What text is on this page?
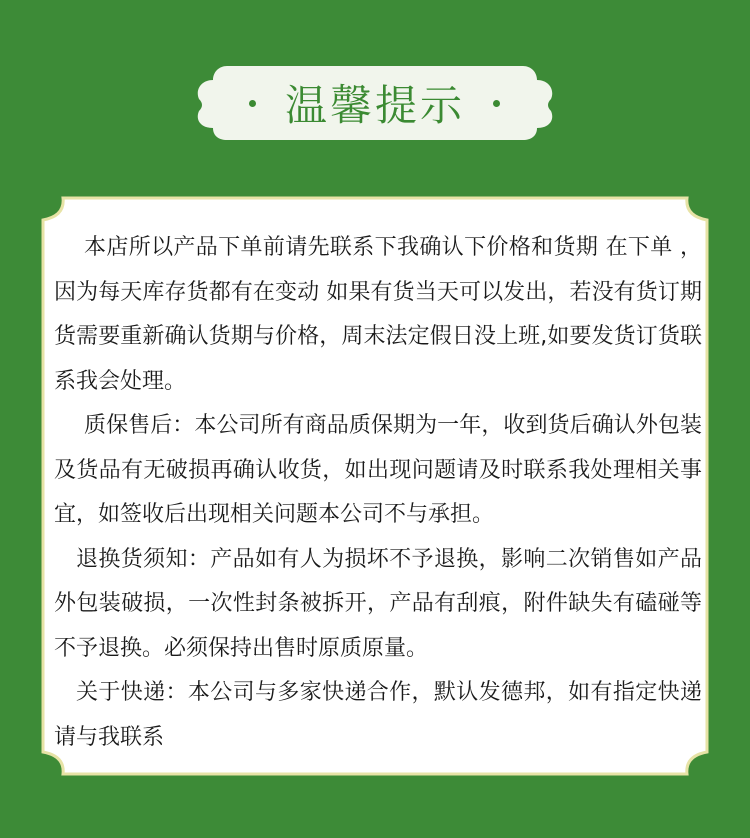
温馨提示

本店所以产品下单前请先联系下我确认下价格和货期 在下单 ，因为每天库存货都有在变动 如果有货当天可以发出，若没有货订期货需要重新确认货期与价格，周末法定假日没上班,如要发货订货联系我会处理。

质保售后：本公司所有商品质保期为一年，收到货后确认外包装及货品有无破损再确认收货，如出现问题请及时联系我处理相关事宜，如签收后出现相关问题本公司不与承担。

退换货须知：产品如有人为损坏不予退换，影响二次销售如产品外包装破损，一次性封条被拆开，产品有刮痕，附件缺失有磕碰等不予退换。必须保持出售时原质原量。

关于快递：本公司与多家快递合作，默认发德邦，如有指定快递请与我联系
